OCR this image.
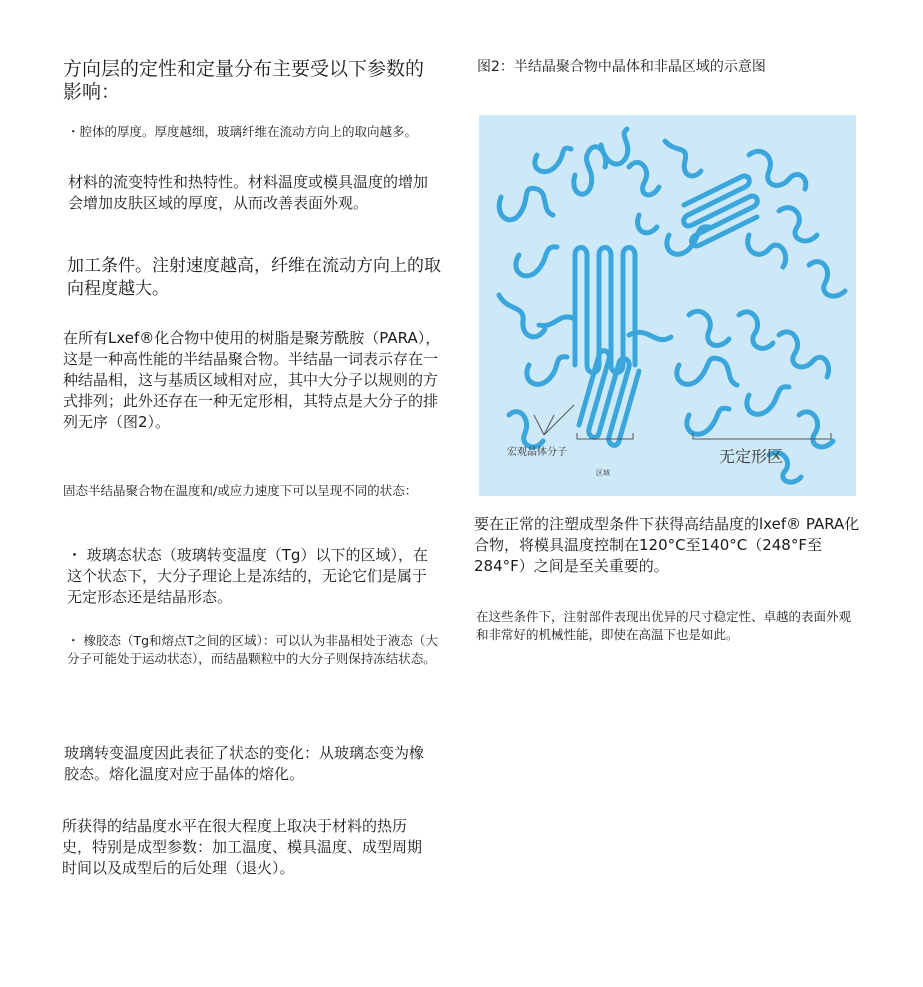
方向层的定性和定量分布主要受以下参数的影响：

・腔体的厚度。厚度越细，玻璃纤维在流动方向上的取向越多。

材料的流变特性和热特性。材料温度或模具温度的增加会增加皮肤区域的厚度，从而改善表面外观。

加工条件。注射速度越高，纤维在流动方向上的取向程度越大。

在所有Lxef®化合物中使用的树脂是聚芳酰胺（PARA），这是一种高性能的半结晶聚合物。半结晶一词表示存在一种结晶相，这与基质区域相对应，其中大分子以规则的方式排列；此外还存在一种无定形相，其特点是大分子的排列无序（图2）。

固态半结晶聚合物在温度和/或应力速度下可以呈现不同的状态：

・ 玻璃态状态（玻璃转变温度（Tg）以下的区域），在这个状态下，大分子理论上是冻结的，无论它们是属于无定形态还是结晶形态。

・ 橡胶态（Tg和熔点T之间的区域）：可以认为非晶相处于液态（大分子可能处于运动状态），而结晶颗粒中的大分子则保持冻结状态。

玻璃转变温度因此表征了状态的变化：从玻璃态变为橡胶态。熔化温度对应于晶体的熔化。

所获得的结晶度水平在很大程度上取决于材料的热历史，特别是成型参数：加工温度、模具温度、成型周期时间以及成型后的后处理（退火）。

图2：半结晶聚合物中晶体和非晶区域的示意图

宏观晶体分子
区域
无定形区

要在正常的注塑成型条件下获得高结晶度的lxef® PARA化合物，将模具温度控制在120°C至140°C（248°F至284°F）之间是至关重要的。

在这些条件下，注射部件表现出优异的尺寸稳定性、卓越的表面外观和非常好的机械性能，即使在高温下也是如此。
